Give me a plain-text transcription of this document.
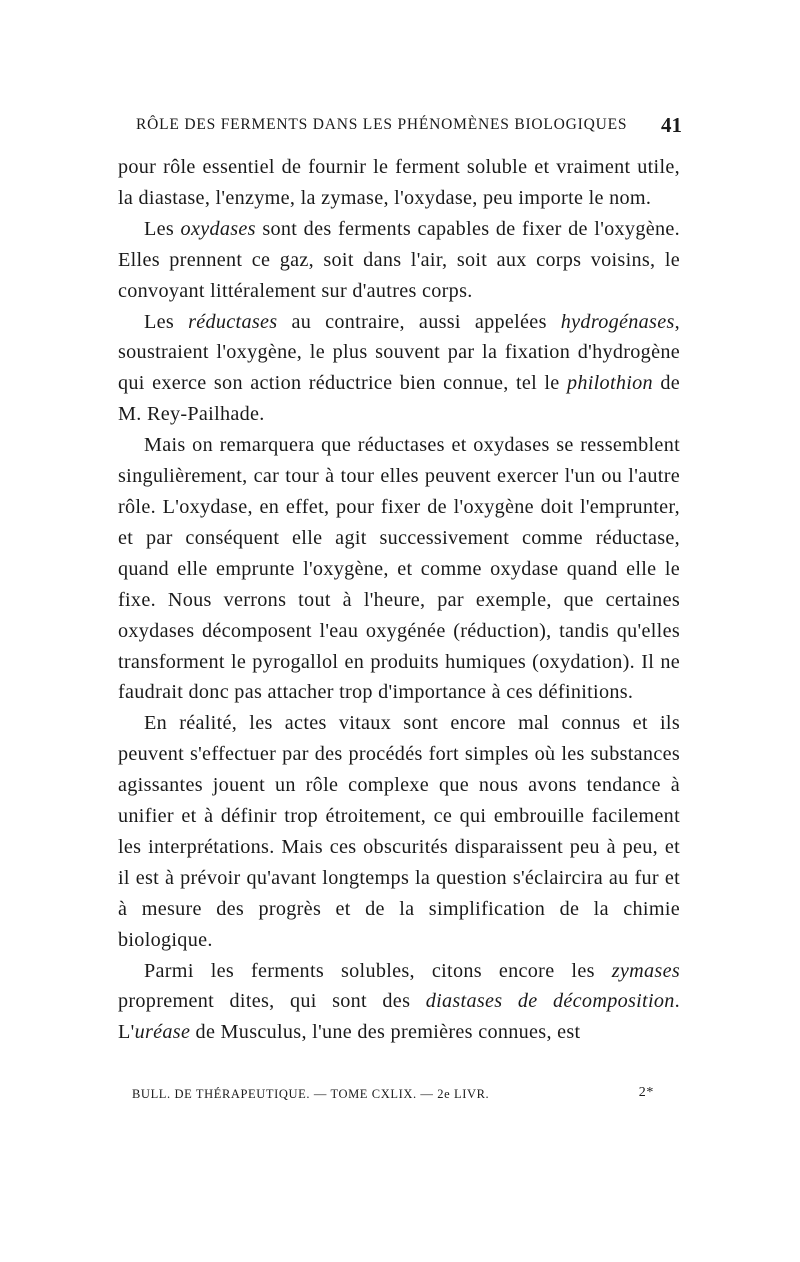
RÔLE DES FERMENTS DANS LES PHÉNOMÈNES BIOLOGIQUES 41

pour rôle essentiel de fournir le ferment soluble et vraiment utile, la diastase, l'enzyme, la zymase, l'oxydase, peu importe le nom.

Les oxydases sont des ferments capables de fixer de l'oxygène. Elles prennent ce gaz, soit dans l'air, soit aux corps voisins, le convoyant littéralement sur d'autres corps.

Les réductases au contraire, aussi appelées hydrogénases, soustraient l'oxygène, le plus souvent par la fixation d'hydrogène qui exerce son action réductrice bien connue, tel le philothion de M. Rey-Pailhade.

Mais on remarquera que réductases et oxydases se ressemblent singulièrement, car tour à tour elles peuvent exercer l'un ou l'autre rôle. L'oxydase, en effet, pour fixer de l'oxygène doit l'emprunter, et par conséquent elle agit successivement comme réductase, quand elle emprunte l'oxygène, et comme oxydase quand elle le fixe. Nous verrons tout à l'heure, par exemple, que certaines oxydases décomposent l'eau oxygénée (réduction), tandis qu'elles transforment le pyrogallol en produits humiques (oxydation). Il ne faudrait donc pas attacher trop d'importance à ces définitions.

En réalité, les actes vitaux sont encore mal connus et ils peuvent s'effectuer par des procédés fort simples où les substances agissantes jouent un rôle complexe que nous avons tendance à unifier et à définir trop étroitement, ce qui embrouille facilement les interprétations. Mais ces obscurités disparaissent peu à peu, et il est à prévoir qu'avant longtemps la question s'éclaircira au fur et à mesure des progrès et de la simplification de la chimie biologique.

Parmi les ferments solubles, citons encore les zymases proprement dites, qui sont des diastases de décomposition. L'uréase de Musculus, l'une des premières connues, est

BULL. DE THÉRAPEUTIQUE. — TOME CXLIX. — 2e LIVR.	2*
